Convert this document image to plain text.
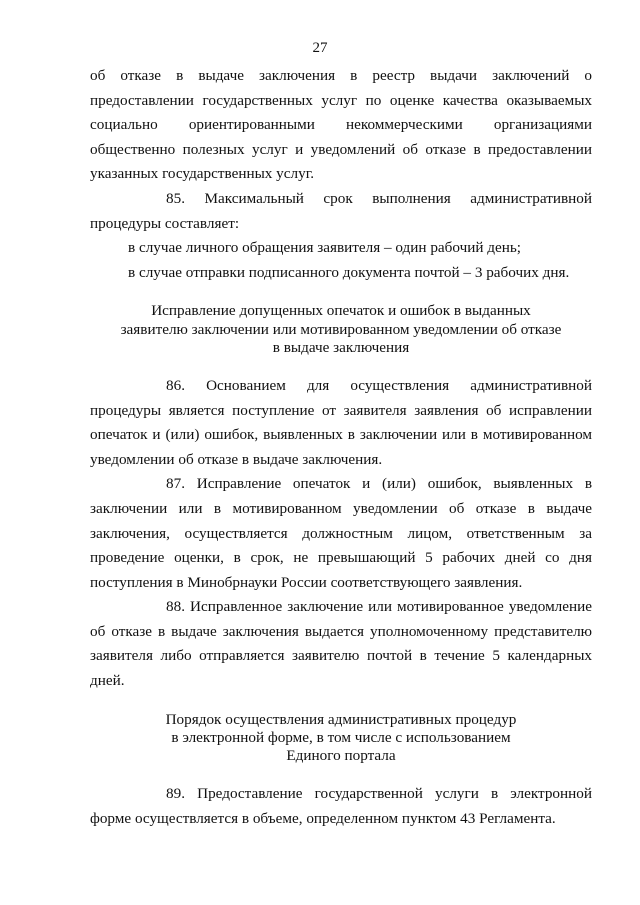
27

об отказе в выдаче заключения в реестр выдачи заключений о предоставлении государственных услуг по оценке качества оказываемых социально ориентированными некоммерческими организациями общественно полезных услуг и уведомлений об отказе в предоставлении указанных государственных услуг.

85. Максимальный срок выполнения административной процедуры составляет:

в случае личного обращения заявителя – один рабочий день;

в случае отправки подписанного документа почтой – 3 рабочих дня.

Исправление допущенных опечаток и ошибок в выданных
заявителю заключении или мотивированном уведомлении об отказе
в выдаче заключения

86. Основанием для осуществления административной процедуры является поступление от заявителя заявления об исправлении опечаток и (или) ошибок, выявленных в заключении или в мотивированном уведомлении об отказе в выдаче заключения.

87. Исправление опечаток и (или) ошибок, выявленных в заключении или в мотивированном уведомлении об отказе в выдаче заключения, осуществляется должностным лицом, ответственным за проведение оценки, в срок, не превышающий 5 рабочих дней со дня поступления в Минобрнауки России соответствующего заявления.

88. Исправленное заключение или мотивированное уведомление об отказе в выдаче заключения выдается уполномоченному представителю заявителя либо отправляется заявителю почтой в течение 5 календарных дней.

Порядок осуществления административных процедур
в электронной форме, в том числе с использованием
Единого портала

89. Предоставление государственной услуги в электронной форме осуществляется в объеме, определенном пунктом 43 Регламента.
